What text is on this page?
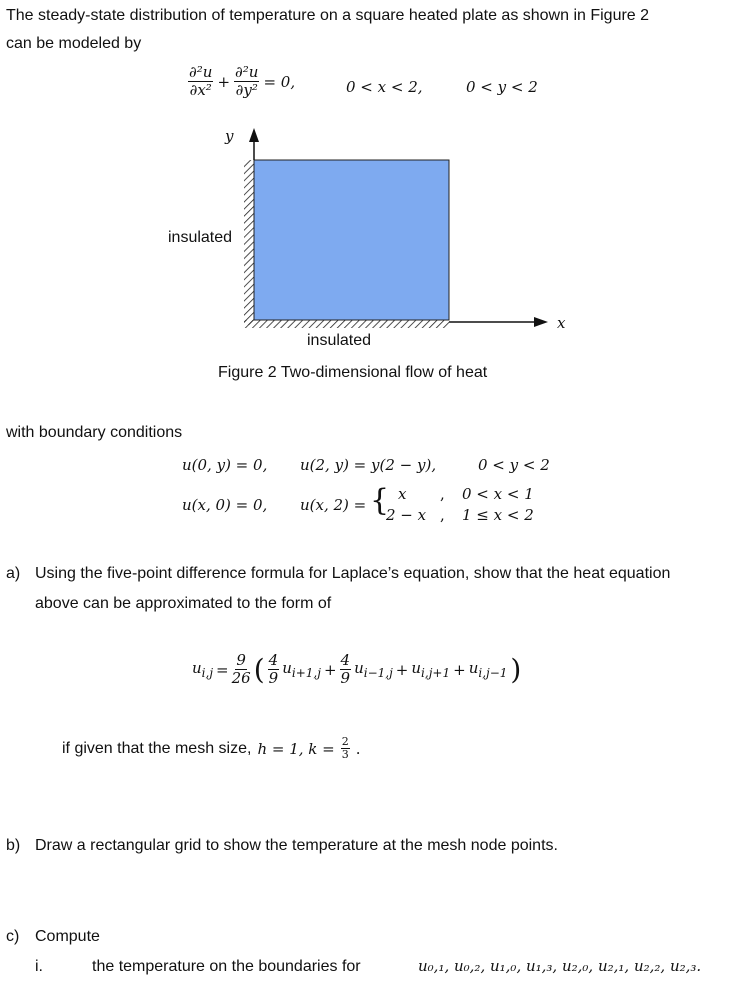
The steady-state distribution of temperature on a square heated plate as shown in Figure 2
can be modeled by
$\frac{\text{∂²u}}{\text{∂x²}} + \frac{\text{∂²u}}{\text{∂y²}} = 0$,	0 < x < 2,	0 < y < 2
y
x
insulated
insulated
Figure 2 Two-dimensional flow of heat
with boundary conditions
u(0, y) = 0, u(2, y) = y(2 − y),	0 < y < 2
u(x, 0) = 0, u(x, 2) = { x , 0 < x < 1
2 − x , 1 ≤ x < 2
a) Using the five-point difference formula for Laplace’s equation, show that the heat equation
above can be approximated to the form of
$u_{i,j} = \frac{9}{26}$ ( $\frac{4}{9} u_{i+1,j} + \frac{4}{9} u_{i-1,j} + u_{i,j+1} + u_{i,j-1}$ )
if given that the mesh size, h = 1, $k = \frac{2}{3}$ .
b) Draw a rectangular grid to show the temperature at the mesh node points.
c) Compute
i.	the temperature on the boundaries for	u₀,₁, u₀,₂, u₁,₀, u₁,₃, u₂,₀, u₂,₁, u₂,₂, u₂,₃.
